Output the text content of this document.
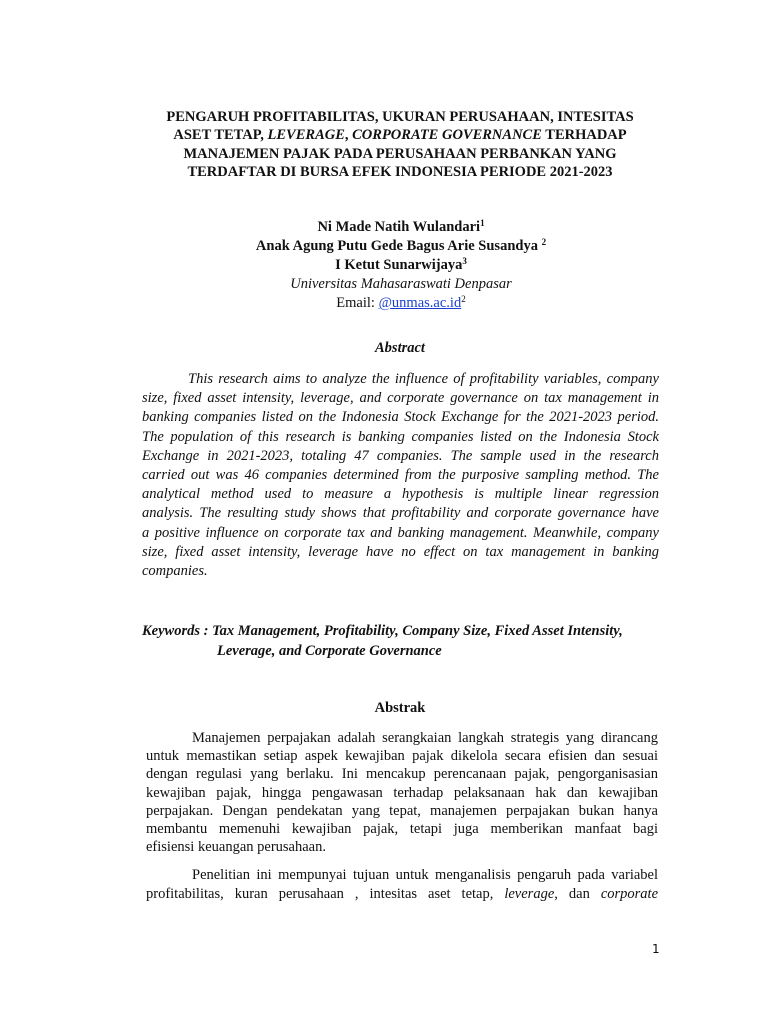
PENGARUH PROFITABILITAS, UKURAN PERUSAHAAN, INTESITAS
ASET TETAP, LEVERAGE, CORPORATE GOVERNANCE TERHADAP
MANAJEMEN PAJAK PADA PERUSAHAAN PERBANKAN YANG
TERDAFTAR DI BURSA EFEK INDONESIA PERIODE 2021-2023
Ni Made Natih Wulandari$^1$
Anak Agung Putu Gede Bagus Arie Susandya $^2$
I Ketut Sunarwijaya$^3$
Universitas Mahasaraswati Denpasar
Email: $@unmas.ac.id^2$
Abstract
This research aims to analyze the influence of profitability variables, company
size, fixed asset intensity, leverage, and corporate governance on tax management in
banking companies listed on the Indonesia Stock Exchange for the 2021-2023 period.
The population of this research is banking companies listed on the Indonesia Stock
Exchange in 2021-2023, totaling 47 companies. The sample used in the research
carried out was 46 companies determined from the purposive sampling method. The
analytical method used to measure a hypothesis is multiple linear regression
analysis. The resulting study shows that profitability and corporate governance have
a positive influence on corporate tax and banking management. Meanwhile, company
size, fixed asset intensity, leverage have no effect on tax management in banking
companies.
Keywords : Tax Management, Profitability, Company Size, Fixed Asset Intensity,
Leverage, and Corporate Governance
Abstrak
Manajemen perpajakan adalah serangkaian langkah strategis yang dirancang
untuk memastikan setiap aspek kewajiban pajak dikelola secara efisien dan sesuai
dengan regulasi yang berlaku. Ini mencakup perencanaan pajak, pengorganisasian
kewajiban pajak, hingga pengawasan terhadap pelaksanaan hak dan kewajiban
perpajakan. Dengan pendekatan yang tepat, manajemen perpajakan bukan hanya
membantu memenuhi kewajiban pajak, tetapi juga memberikan manfaat bagi
efisiensi keuangan perusahaan.
Penelitian ini mempunyai tujuan untuk menganalisis pengaruh pada variabel
profitabilitas, kuran perusahaan , intesitas aset tetap, leverage, dan corporate
1
